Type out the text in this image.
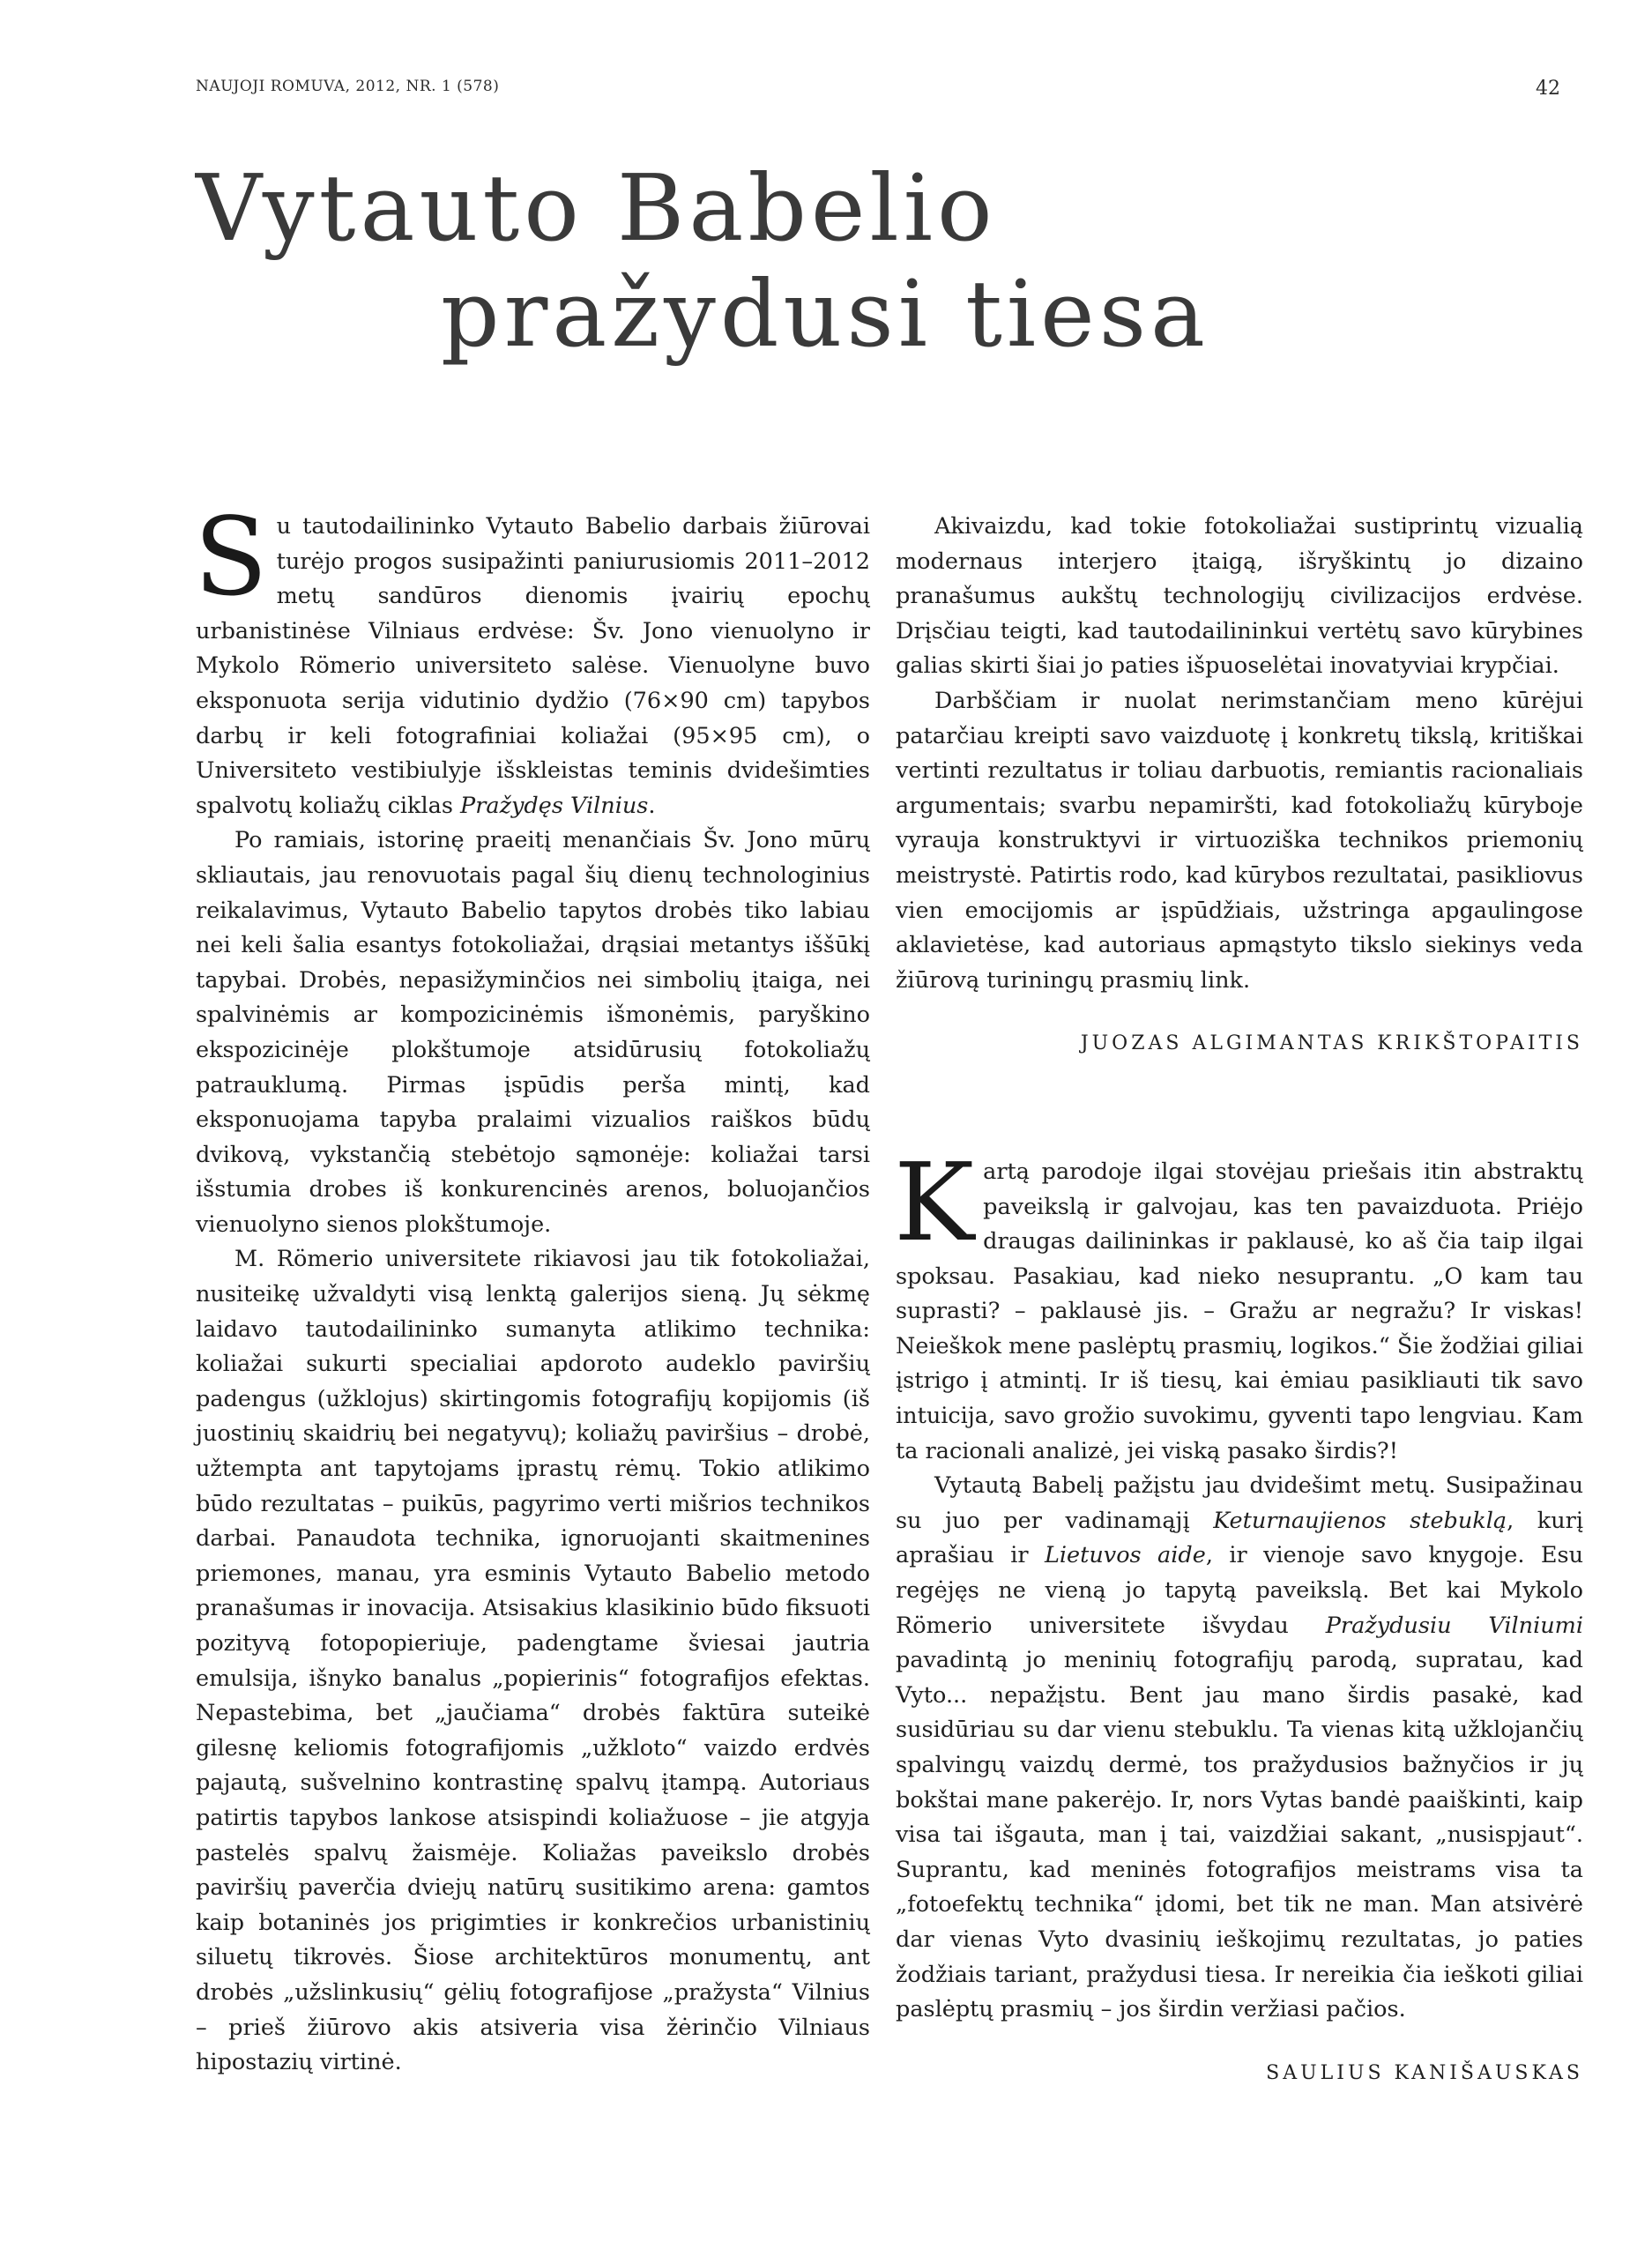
NAUJOJI ROMUVA, 2012, NR. 1 (578)	42
Vytauto Babelio
pražydusi tiesa

Su tautodailininko Vytauto Babelio darbais žiūrovai turėjo progos susipažinti paniurusiomis 2011–2012 metų sandūros dienomis įvairių epochų urbanistinėse Vilniaus erdvėse: Šv. Jono vienuolyno ir Mykolo Römerio universiteto salėse. Vienuolyne buvo eksponuota serija vidutinio dydžio (76×90 cm) tapybos darbų ir keli fotografiniai koliažai (95×95 cm), o Universiteto vestibiulyje išskleistas teminis dvidešimties spalvotų koliažų ciklas Pražydęs Vilnius.

Po ramiais, istorinę praeitį menančiais Šv. Jono mūrų skliautais, jau renovuotais pagal šių dienų technologinius reikalavimus, Vytauto Babelio tapytos drobės tiko labiau nei keli šalia esantys fotokoliažai, drąsiai metantys iššūkį tapybai. Drobės, nepasižyminčios nei simbolių įtaiga, nei spalvinėmis ar kompozicinėmis išmonėmis, paryškino ekspozicinėje plokštumoje atsidūrusių fotokoliažų patrauklumą. Pirmas įspūdis perša mintį, kad eksponuojama tapyba pralaimi vizualios raiškos būdų dvikovą, vykstančią stebėtojo sąmonėje: koliažai tarsi išstumia drobes iš konkurencinės arenos, boluojančios vienuolyno sienos plokštumoje.

M. Römerio universitete rikiavosi jau tik fotokoliažai, nusiteikę užvaldyti visą lenktą galerijos sieną. Jų sėkmę laidavo tautodailininko sumanyta atlikimo technika: koliažai sukurti specialiai apdoroto audeklo paviršių padengus (užklojus) skirtingomis fotografijų kopijomis (iš juostinių skaidrių bei negatyvų); koliažų paviršius – drobė, užtempta ant tapytojams įprastų rėmų. Tokio atlikimo būdo rezultatas – puikūs, pagyrimo verti mišrios technikos darbai. Panaudota technika, ignoruojanti skaitmenines priemones, manau, yra esminis Vytauto Babelio metodo pranašumas ir inovacija. Atsisakius klasikinio būdo fiksuoti pozityvą fotopopieriuje, padengtame šviesai jautria emulsija, išnyko banalus „popierinis“ fotografijos efektas. Nepastebima, bet „jaučiama“ drobės faktūra suteikė gilesnę keliomis fotografijomis „užklotо“ vaizdo erdvės pajautą, sušvelnino kontrastinę spalvų įtampą. Autoriaus patirtis tapybos lankose atsispindi koliažuose – jie atgyja pastelės spalvų žaismėje. Koliažas paveikslo drobės paviršių paverčia dviejų natūrų susitikimo arena: gamtos kaip botaninės jos prigimties ir konkrečios urbanistinių siluetų tikrovės. Šiose architektūros monumentų, ant drobės „užslinkusių“ gėlių fotografijose „pražysta“ Vilnius – prieš žiūrovo akis atsiveria visa žėrinčio Vilniaus hipostazių virtinė.

Akivaizdu, kad tokie fotokoliažai sustiprintų vizualią modernaus interjero įtaigą, išryškintų jo dizaino pranašumus aukštų technologijų civilizacijos erdvėse. Drįsčiau teigti, kad tautodailininkui vertėtų savo kūrybines galias skirti šiai jo paties išpuoselėtai inovatyviai krypčiai.

Darbščiam ir nuolat nerimstančiam meno kūrėjui patarčiau kreipti savo vaizduotę į konkretų tikslą, kritiškai vertinti rezultatus ir toliau darbuotis, remiantis racionaliais argumentais; svarbu nepamiršti, kad fotokoliažų kūryboje vyrauja konstruktyvi ir virtuoziška technikos priemonių meistrystė. Patirtis rodo, kad kūrybos rezultatai, pasikliovus vien emocijomis ar įspūdžiais, užstringa apgaulingose aklavietėse, kad autoriaus apmąstyto tikslo siekinys veda žiūrovą turiningų prasmių link.

JUOZAS ALGIMANTAS KRIKŠTOPAITIS

Kartą parodoje ilgai stovėjau priešais itin abstraktų paveikslą ir galvojau, kas ten pavaizduota. Priėjo draugas dailininkas ir paklausė, ko aš čia taip ilgai spoksau. Pasakiau, kad nieko nesuprantu. „O kam tau suprasti? – paklausė jis. – Gražu ar negražu? Ir viskas! Neieškok mene paslėptų prasmių, logikos.“ Šie žodžiai giliai įstrigo į atmintį. Ir iš tiesų, kai ėmiau pasikliauti tik savo intuicija, savo grožio suvokimu, gyventi tapo lengviau. Kam ta racionali analizė, jei viską pasako širdis?!

Vytautą Babelį pažįstu jau dvidešimt metų. Susipažinau su juo per vadinamąjį Keturnaujienos stebuklą, kurį aprašiau ir Lietuvos aide, ir vienoje savo knygoje. Esu regėjęs ne vieną jo tapytą paveikslą. Bet kai Mykolo Römerio universitete išvydau Pražydusiu Vilniumi pavadintą jo meninių fotografijų parodą, supratau, kad Vyto... nepažįstu. Bent jau mano širdis pasakė, kad susidūriau su dar vienu stebuklu. Ta vienas kitą užklojančių spalvingų vaizdų dermė, tos pražydusios bažnyčios ir jų bokštai mane pakerėjo. Ir, nors Vytas bandė paaiškinti, kaip visa tai išgauta, man į tai, vaizdžiai sakant, „nusispjaut“. Suprantu, kad meninės fotografijos meistrams visa ta „fotoefektų technika“ įdomi, bet tik ne man. Man atsivėrė dar vienas Vyto dvasinių ieškojimų rezultatas, jo paties žodžiais tariant, pražydusi tiesa. Ir nereikia čia ieškoti giliai paslėptų prasmių – jos širdin veržiasi pačios.

SAULIUS KANIŠAUSKAS
